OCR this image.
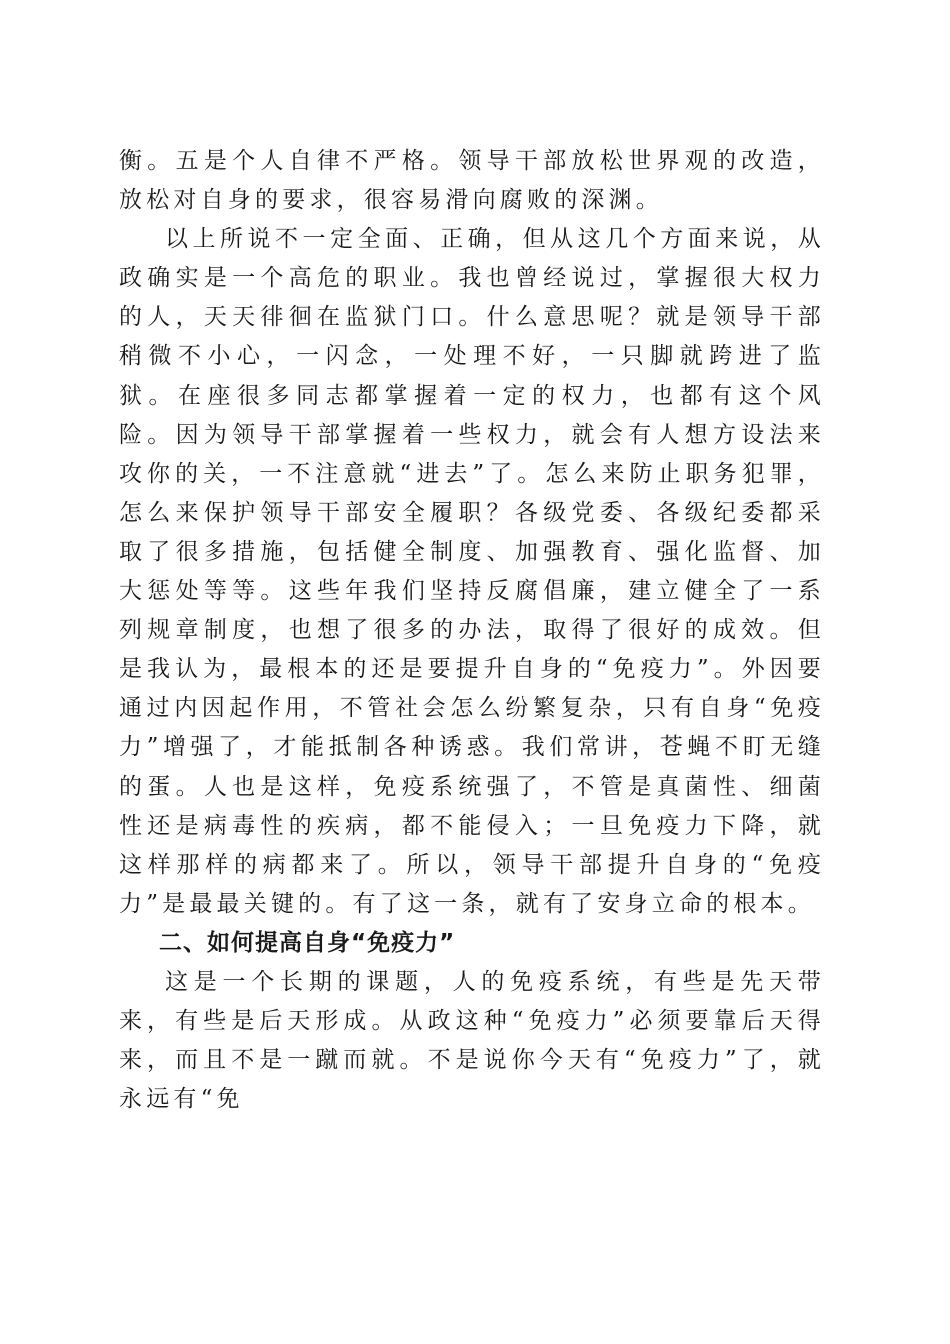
衡。五是个人自律不严格。领导干部放松世界观的改造，放松对自身的要求，很容易滑向腐败的深渊。

以上所说不一定全面、正确，但从这几个方面来说，从政确实是一个高危的职业。我也曾经说过，掌握很大权力的人，天天徘徊在监狱门口。什么意思呢？就是领导干部稍微不小心，一闪念，一处理不好，一只脚就跨进了监狱。在座很多同志都掌握着一定的权力，也都有这个风险。因为领导干部掌握着一些权力，就会有人想方设法来攻你的关，一不注意就“进去”了。怎么来防止职务犯罪，怎么来保护领导干部安全履职？各级党委、各级纪委都采取了很多措施，包括健全制度、加强教育、强化监督、加大惩处等等。这些年我们坚持反腐倡廉，建立健全了一系列规章制度，也想了很多的办法，取得了很好的成效。但是我认为，最根本的还是要提升自身的“免疫力”。外因要通过内因起作用，不管社会怎么纷繁复杂，只有自身“免疫力”增强了，才能抵制各种诱惑。我们常讲，苍蝇不盯无缝的蛋。人也是这样，免疫系统强了，不管是真菌性、细菌性还是病毒性的疾病，都不能侵入；一旦免疫力下降，就这样那样的病都来了。所以，领导干部提升自身的“免疫力”是最最关键的。有了这一条，就有了安身立命的根本。

二、如何提高自身“免疫力”

这是一个长期的课题，人的免疫系统，有些是先天带来，有些是后天形成。从政这种“免疫力”必须要靠后天得来，而且不是一蹴而就。不是说你今天有“免疫力”了，就永远有“免
